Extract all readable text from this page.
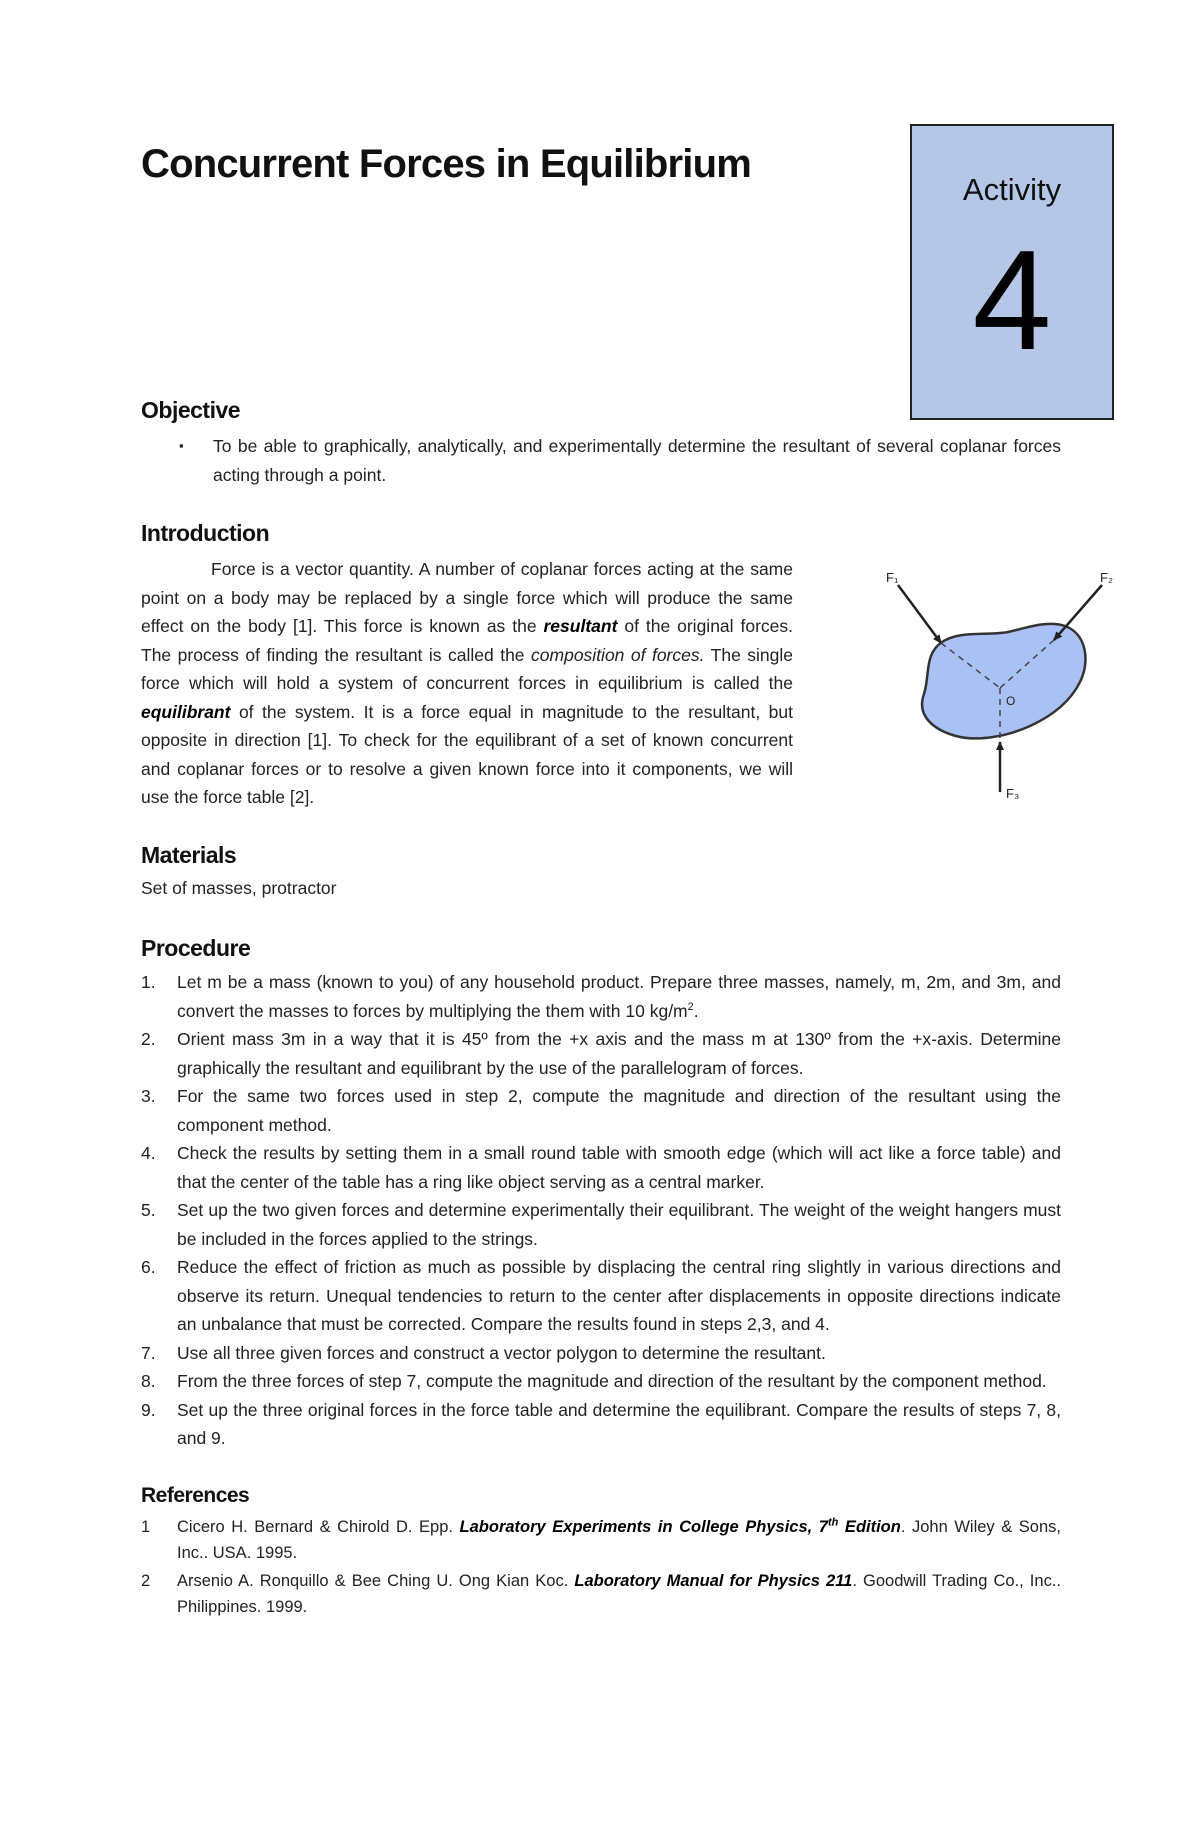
Concurrent Forces in Equilibrium
Activity
4
Objective
▪ To be able to graphically, analytically, and experimentally determine the resultant of several coplanar forces acting through a point.
Introduction

Force is a vector quantity. A number of coplanar forces acting at the same point on a body may be replaced by a single force which will produce the same effect on the body [1]. This force is known as the resultant of the original forces. The process of finding the resultant is called the composition of forces. The single force which will hold a system of concurrent forces in equilibrium is called the equilibrant of the system. It is a force equal in magnitude to the resultant, but opposite in direction [1]. To check for the equilibrant of a set of known concurrent and coplanar forces or to resolve a given known force into it components, we will use the force table [2].

F₁	F₂
F₃
O
Materials

Set of masses, protractor

Procedure
1. Let m be a mass (known to you) of any household product. Prepare three masses, namely, m, 2m, and 3m, and convert the masses to forces by multiplying the them with 10 $kg/m^2$.
2. Orient mass 3m in a way that it is 45º from the +x axis and the mass m at 130º from the +x-axis. Determine graphically the resultant and equilibrant by the use of the parallelogram of forces.
3. For the same two forces used in step 2, compute the magnitude and direction of the resultant using the component method.
4. Check the results by setting them in a small round table with smooth edge (which will act like a force table) and that the center of the table has a ring like object serving as a central marker.
5. Set up the two given forces and determine experimentally their equilibrant. The weight of the weight hangers must be included in the forces applied to the strings.
6. Reduce the effect of friction as much as possible by displacing the central ring slightly in various directions and observe its return. Unequal tendencies to return to the center after displacements in opposite directions indicate an unbalance that must be corrected. Compare the results found in steps 2,3, and 4.
7. Use all three given forces and construct a vector polygon to determine the resultant.
8. From the three forces of step 7, compute the magnitude and direction of the resultant by the component method.
9. Set up the three original forces in the force table and determine the equilibrant. Compare the results of steps 7, 8, and 9.
References
1 Cicero H. Bernard & Chirold D. Epp. Laboratory Experiments in College Physics, 7th Edition. John Wiley & Sons, Inc.. USA. 1995.
2 Arsenio A. Ronquillo & Bee Ching U. Ong Kian Koc. Laboratory Manual for Physics 211. Goodwill Trading Co., Inc.. Philippines. 1999.
